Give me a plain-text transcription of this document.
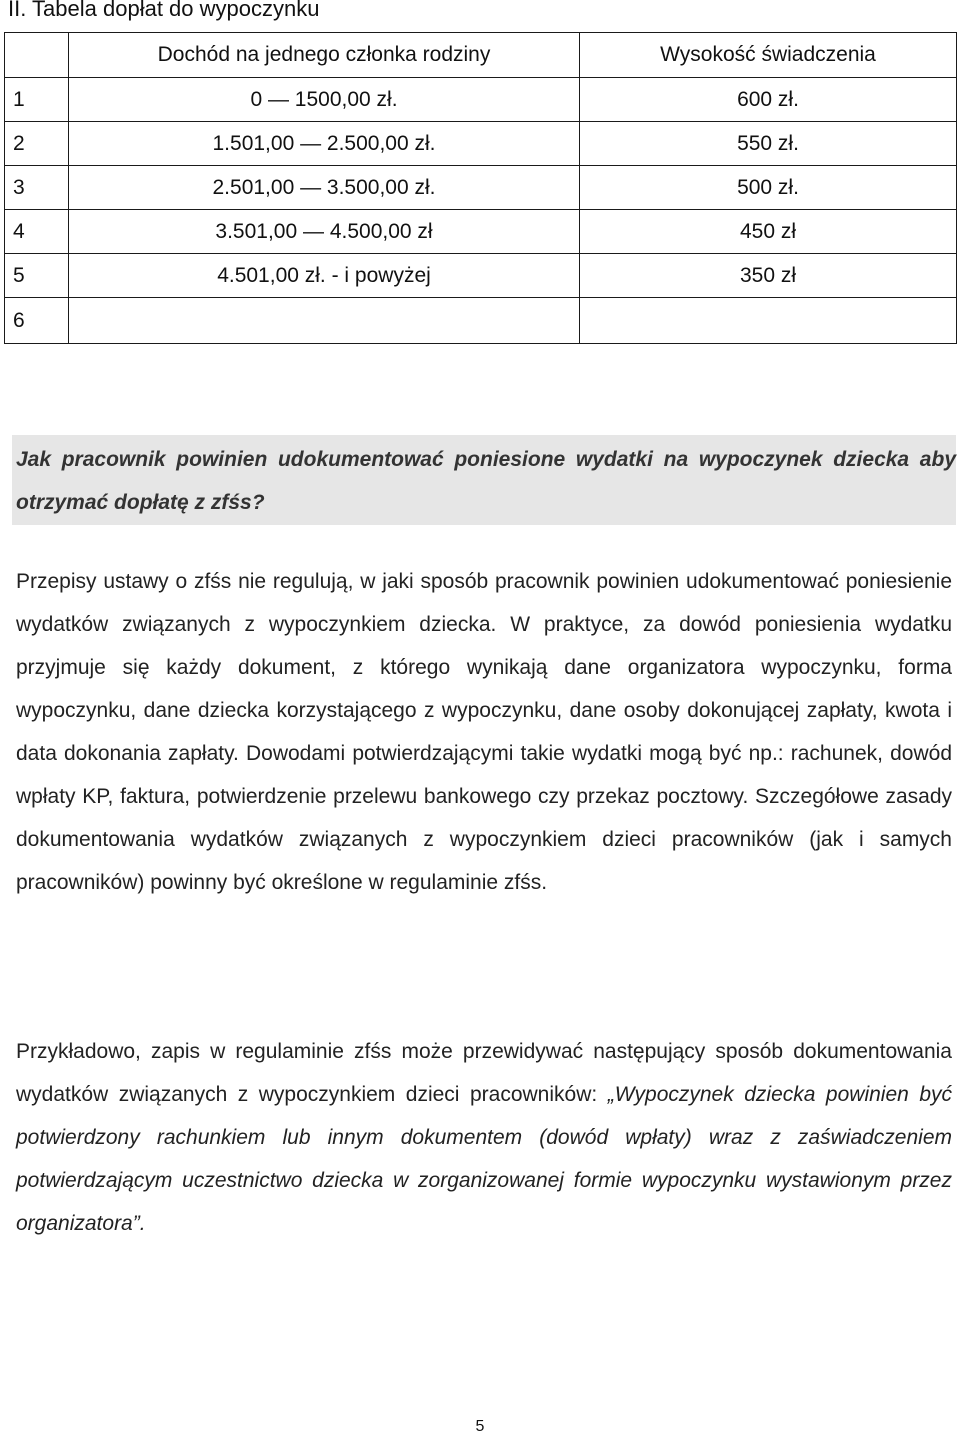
II. Tabela dopłat do wypoczynku
	Dochód na jednego członka rodziny	Wysokość świadczenia
1	0 — 1500,00 zł.	600 zł.
2	1.501,00 — 2.500,00 zł.	550 zł.
3	2.501,00 — 3.500,00 zł.	500 zł.
4	3.501,00 — 4.500,00 zł	450 zł
5	4.501,00 zł. - i powyżej	350 zł
6		

Jak pracownik powinien udokumentować poniesione wydatki na wypoczynek dziecka aby otrzymać dopłatę z zfśs?

Przepisy ustawy o zfśs nie regulują, w jaki sposób pracownik powinien udokumentować poniesienie wydatków związanych z wypoczynkiem dziecka. W praktyce, za dowód poniesienia wydatku przyjmuje się każdy dokument, z którego wynikają dane organizatora wypoczynku, forma wypoczynku, dane dziecka korzystającego z wypoczynku, dane osoby dokonującej zapłaty, kwota i data dokonania zapłaty. Dowodami potwierdzającymi takie wydatki mogą być np.: rachunek, dowód wpłaty KP, faktura, potwierdzenie przelewu bankowego czy przekaz pocztowy. Szczegółowe zasady dokumentowania wydatków związanych z wypoczynkiem dzieci pracowników (jak i samych pracowników) powinny być określone w regulaminie zfśs.

Przykładowo, zapis w regulaminie zfśs może przewidywać następujący sposób dokumentowania wydatków związanych z wypoczynkiem dzieci pracowników: „Wypoczynek dziecka powinien być potwierdzony rachunkiem lub innym dokumentem (dowód wpłaty) wraz z zaświadczeniem potwierdzającym uczestnictwo dziecka w zorganizowanej formie wypoczynku wystawionym przez organizatora”.

5
